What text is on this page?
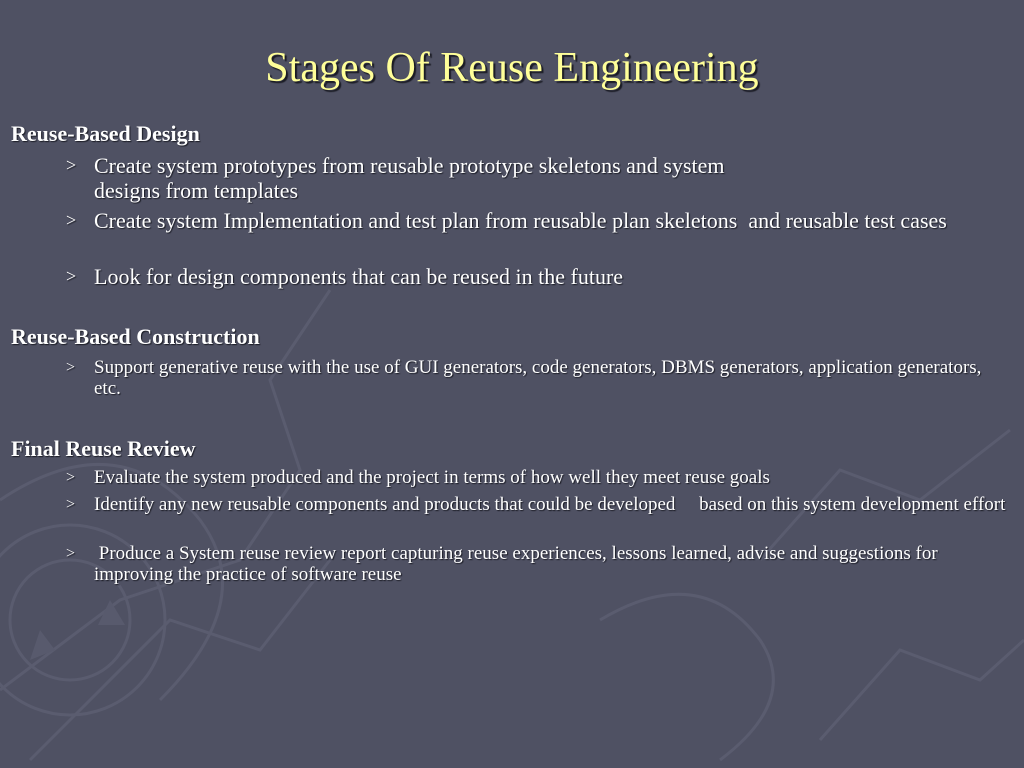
Stages Of Reuse Engineering
Reuse-Based Design
> Create system prototypes from reusable prototype skeletons and system
designs from templates
> Create system Implementation and test plan from reusable plan skeletons  and reusable test cases
> Look for design components that can be reused in the future
Reuse-Based Construction
> Support generative reuse with the use of GUI generators, code generators, DBMS generators, application generators, etc.
Final Reuse Review
> Evaluate the system produced and the project in terms of how well they meet reuse goals
> Identify any new reusable components and products that could be developed     based on this system development effort
> Produce a System reuse review report capturing reuse experiences, lessons learned, advise and suggestions for improving the practice of software reuse
